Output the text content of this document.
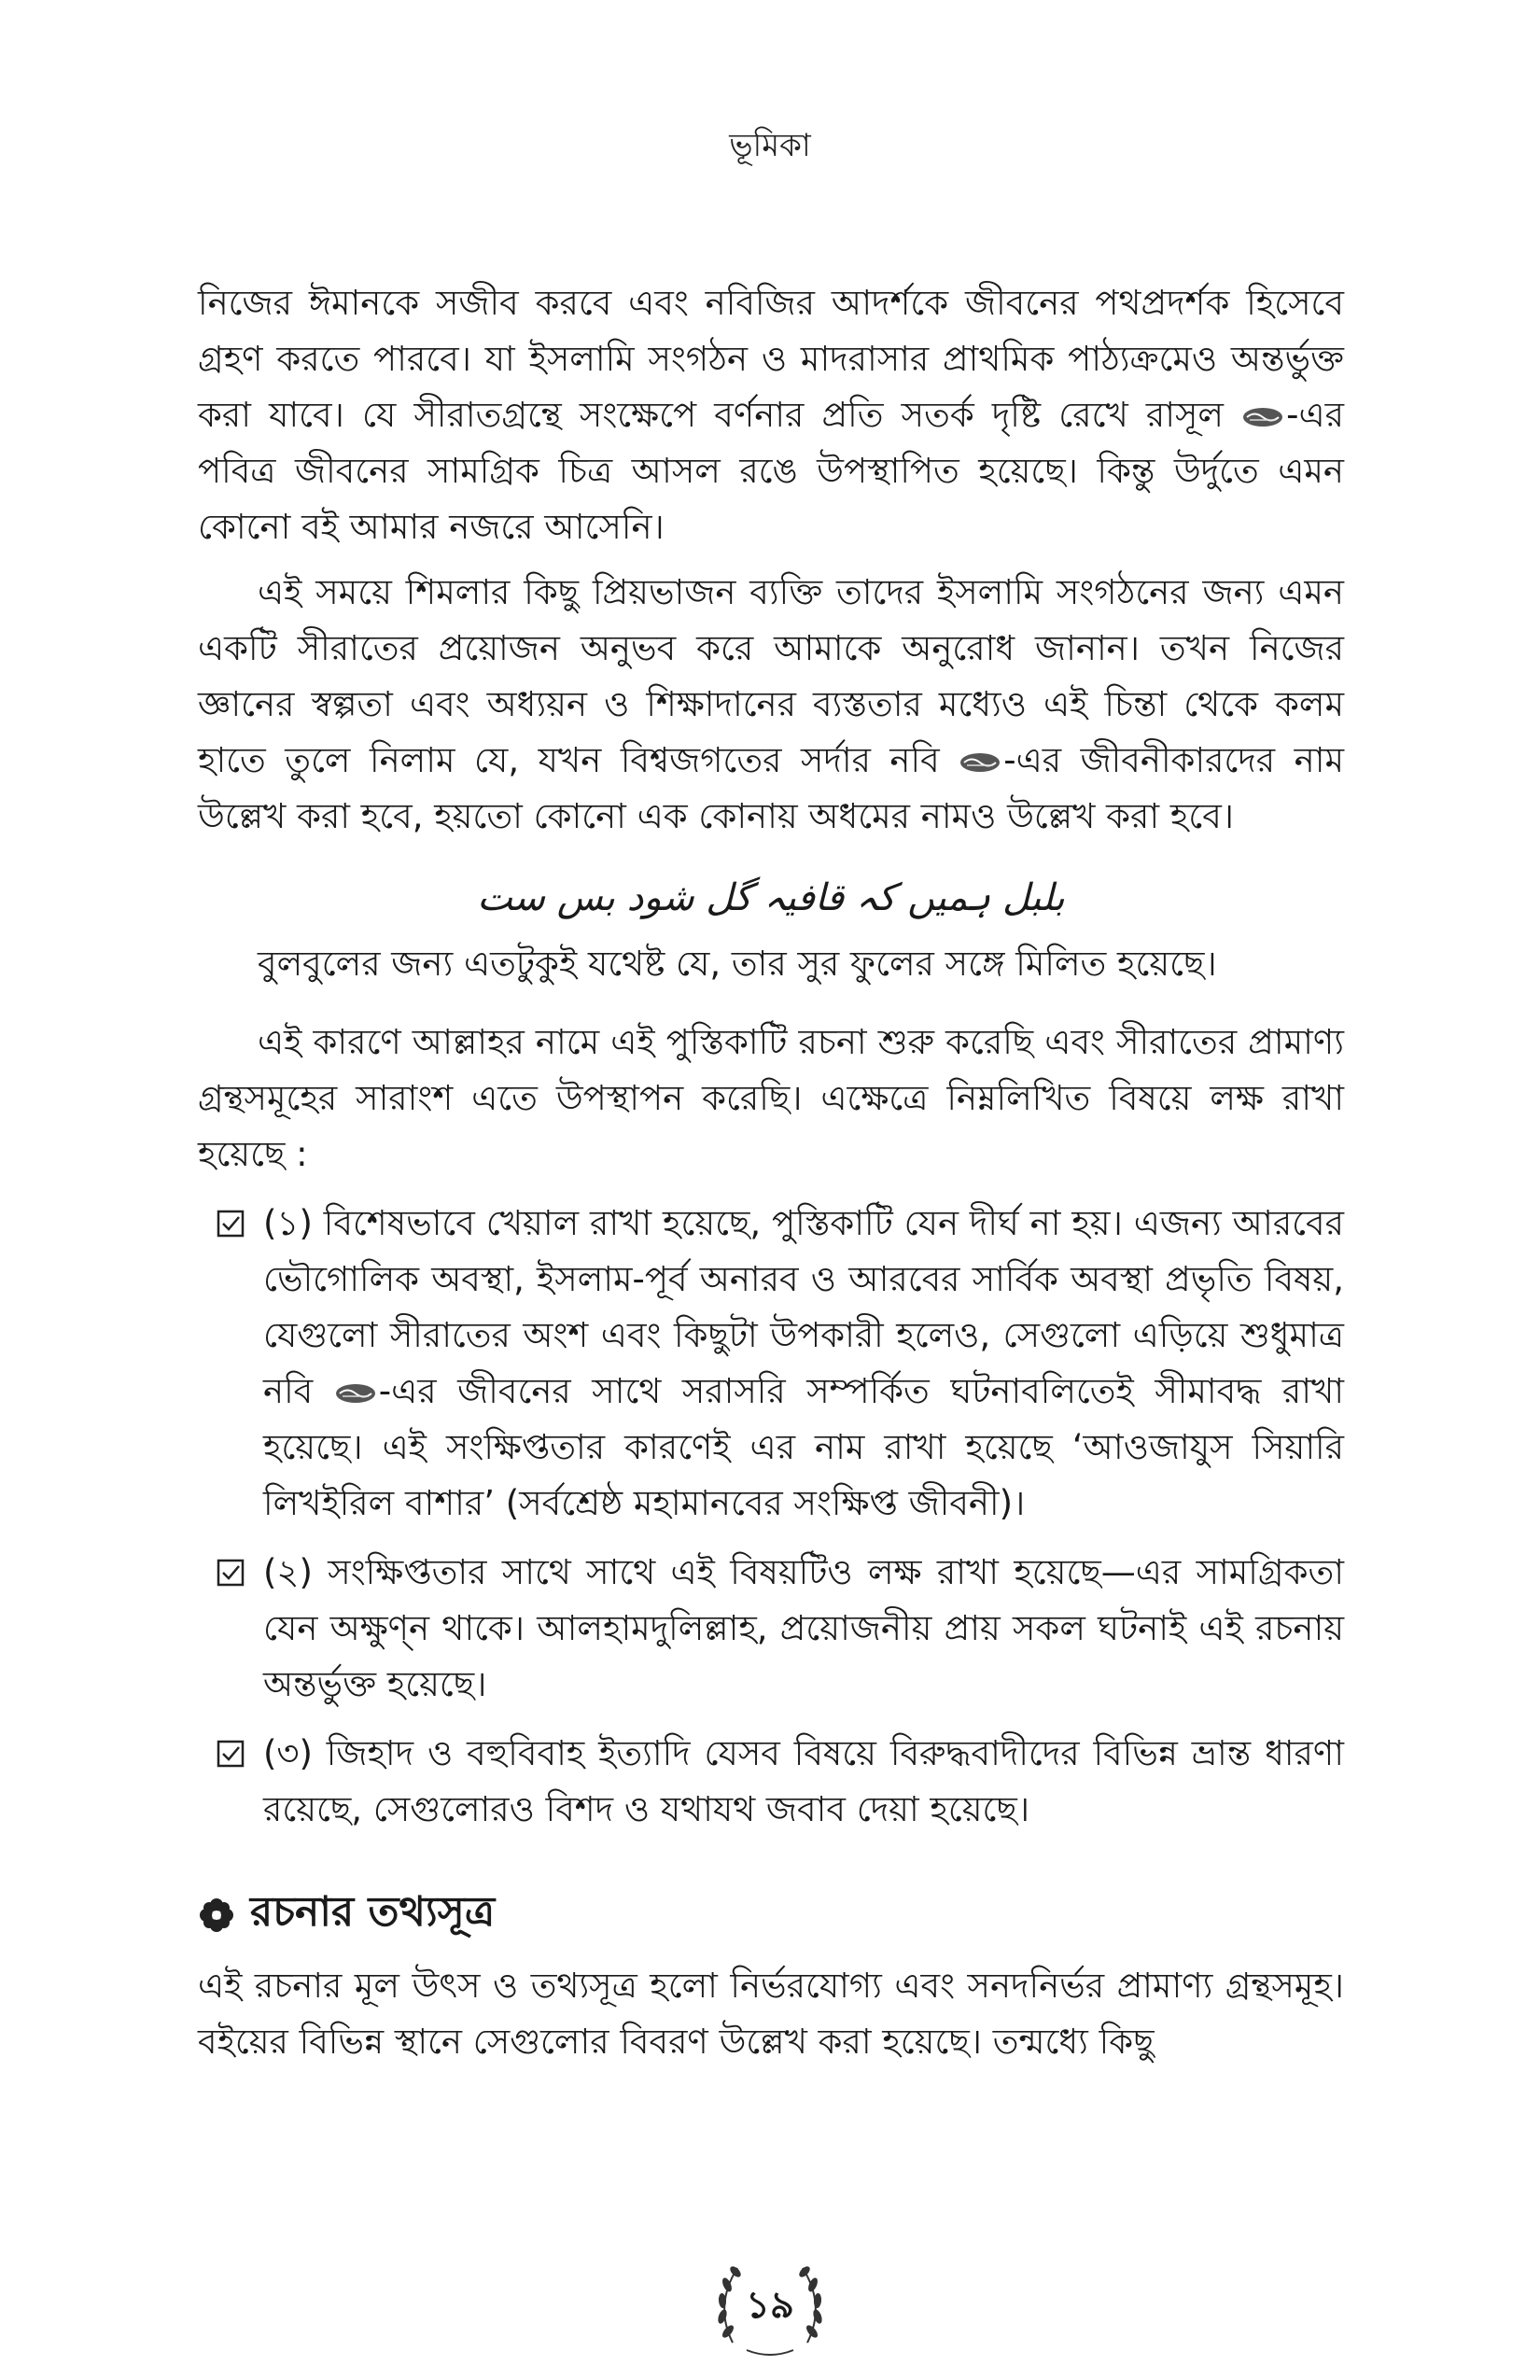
ভূমিকা

নিজের ঈমানকে সজীব করবে এবং নবিজির আদর্শকে জীবনের পথপ্রদর্শক হিসেবে গ্রহণ করতে পারবে। যা ইসলামি সংগঠন ও মাদরাসার প্রাথমিক পাঠ্যক্রমেও অন্তর্ভুক্ত করা যাবে। যে সীরাতগ্রন্থে সংক্ষেপে বর্ণনার প্রতি সতর্ক দৃষ্টি রেখে রাসূল -এর পবিত্র জীবনের সামগ্রিক চিত্র আসল রঙে উপস্থাপিত হয়েছে। কিন্তু উর্দুতে এমন কোনো বই আমার নজরে আসেনি।

এই সময়ে শিমলার কিছু প্রিয়ভাজন ব্যক্তি তাদের ইসলামি সংগঠনের জন্য এমন একটি সীরাতের প্রয়োজন অনুভব করে আমাকে অনুরোধ জানান। তখন নিজের জ্ঞানের স্বল্পতা এবং অধ্যয়ন ও শিক্ষাদানের ব্যস্ততার মধ্যেও এই চিন্তা থেকে কলম হাতে তুলে নিলাম যে, যখন বিশ্বজগতের সর্দার নবি -এর জীবনীকারদের নাম উল্লেখ করা হবে, হয়তো কোনো এক কোনায় অধমের নামও উল্লেখ করা হবে।

بلبل ہمیں کہ قافیہ گل شود بس ست

বুলবুলের জন্য এতটুকুই যথেষ্ট যে, তার সুর ফুলের সঙ্গে মিলিত হয়েছে।

এই কারণে আল্লাহর নামে এই পুস্তিকাটি রচনা শুরু করেছি এবং সীরাতের প্রামাণ্য গ্রন্থসমূহের সারাংশ এতে উপস্থাপন করেছি। এক্ষেত্রে নিম্নলিখিত বিষয়ে লক্ষ রাখা হয়েছে :

(১) বিশেষভাবে খেয়াল রাখা হয়েছে, পুস্তিকাটি যেন দীর্ঘ না হয়। এজন্য আরবের ভৌগোলিক অবস্থা, ইসলাম-পূর্ব অনারব ও আরবের সার্বিক অবস্থা প্রভৃতি বিষয়, যেগুলো সীরাতের অংশ এবং কিছুটা উপকারী হলেও, সেগুলো এড়িয়ে শুধুমাত্র নবি -এর জীবনের সাথে সরাসরি সম্পর্কিত ঘটনাবলিতেই সীমাবদ্ধ রাখা হয়েছে। এই সংক্ষিপ্ততার কারণেই এর নাম রাখা হয়েছে ‘আওজাযুস সিয়ারি লিখইরিল বাশার’ (সর্বশ্রেষ্ঠ মহামানবের সংক্ষিপ্ত জীবনী)।
(২) সংক্ষিপ্ততার সাথে সাথে এই বিষয়টিও লক্ষ রাখা হয়েছে—এর সামগ্রিকতা যেন অক্ষুণ্ন থাকে। আলহামদুলিল্লাহ, প্রয়োজনীয় প্রায় সকল ঘটনাই এই রচনায় অন্তর্ভুক্ত হয়েছে।
(৩) জিহাদ ও বহুবিবাহ ইত্যাদি যেসব বিষয়ে বিরুদ্ধবাদীদের বিভিন্ন ভ্রান্ত ধারণা রয়েছে, সেগুলোরও বিশদ ও যথাযথ জবাব দেয়া হয়েছে।
রচনার তথ্যসূত্র

এই রচনার মূল উৎস ও তথ্যসূত্র হলো নির্ভরযোগ্য এবং সনদনির্ভর প্রামাণ্য গ্রন্থসমূহ। বইয়ের বিভিন্ন স্থানে সেগুলোর বিবরণ উল্লেখ করা হয়েছে। তন্মধ্যে কিছু

১৯
